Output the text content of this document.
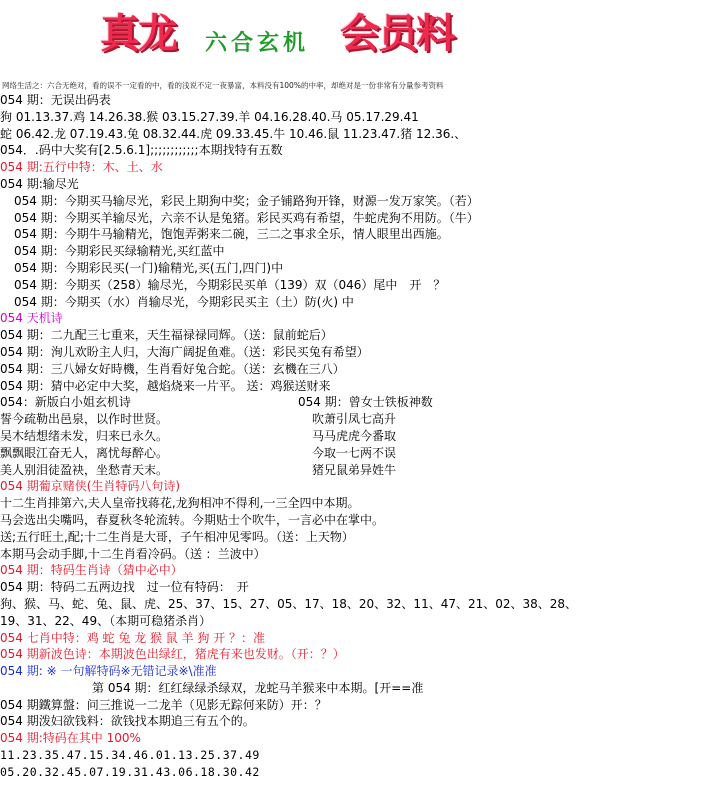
真龙 六合玄机 会员料
网络生活之：六合无绝对，看的误不一定看的中，看的浅说不定一夜暴富，本料没有100%的中率，却绝对是一份非常有分量参考资料
054 期：无误出码表
狗 01.13.37.鸡 14.26.38.猴 03.15.27.39.羊 04.16.28.40.马 05.17.29.41
蛇 06.42.龙 07.19.43.兔 08.32.44.虎 09.33.45.牛 10.46.鼠 11.23.47.猪 12.36.、
054．.码中大奖有[2.5.6.1];;;;;;;;;;;;本期找特有五数
054 期:五行中特：木、土、水
054 期:输尽光
054 期：今期买马输尽光，彩民上期狗中奖；金子铺路狗开锋，财源一发万家笑。（若）
054 期：今期买羊输尽光，六亲不认是兔猪。彩民买鸡有希望，牛蛇虎狗不用防。（牛）
054 期：今期牛马输精光，饱饱弄粥来二碗，三二之事求全乐，情人眼里出西施。
054 期：今期彩民买绿输精光,买红蓝中
054 期：今期彩民买(一门)输精光,买(五门,四门)中
054 期：今期买（258）输尽光，今期彩民买单（139）双（046）尾中　开　？
054 期：今期买（水）肖输尽光，今期彩民买主（土）防(火) 中
054 天机诗
054 期：二九配三七重来，天生福禄禄同辉。（送：鼠前蛇后）
054 期：洵儿欢盼主人归，大海广阔捉鱼难。（送：彩民买兔有希望）
054 期：三八婦女好時機，生肖看好兔合蛇。（送：玄機在三八）
054 期：猜中必定中大奖，越焰烧来一片平。 送：鸡猴送财来
054：新版白小姐玄机诗	054 期：曾女士铁板神数
誓今疏勒出邑泉，以作时世贤。	吹萧引凤七高升
吴木结想绪未发，归来已永久。	马马虎虎今番取
飘飘眼江奋无人，离忧每醉心。	今取一七两不误
美人别泪徒盈袂，坐愁青天末。	猪兄鼠弟异姓牛
054 期葡京赌侠(生肖特码八句诗)
十二生肖排第六,夫人皇帝找蒋花,龙狗相冲不得利,一三全四中本期。
马会选出尖嘴吗，春夏秋冬轮流转。今期贴士个吹牛，一言必中在掌中。
送;五行旺土,配;十二生肖是大哥，子午相冲见零吗。（送：上天物）
本期马会动手脚,十二生肖看冷码。（送 ：兰波中）
054 期：特码生肖诗（猜中必中）
054 期：特码二五两边找　过一位有特码：　开
狗、猴、马、蛇、兔、鼠、虎、25、37、15、27、05、17、18、20、32、11、47、21、02、38、28、
19、31、22、49、（本期可稳猪杀肖）
054 七肖中特：鸡 蛇 兔 龙 猴 鼠 羊 狗 开 ？：准
054 期新波色诗：本期波色出绿红，猪虎有来也发财。（开：？）
054 期: ※ 一句解特码※无错记录※\准准
第 054 期：红红绿绿杀绿双，龙蛇马羊猴来中本期。[开==准
054 期鐵算盤：问三推说一二龙羊（见影无踪何来防）开：？
054 期泼妇欲钱料：欲钱找本期追三有五个的。
054 期:特码在其中 100%
11.23.35.47.15.34.46.01.13.25.37.49
05.20.32.45.07.19.31.43.06.18.30.42
